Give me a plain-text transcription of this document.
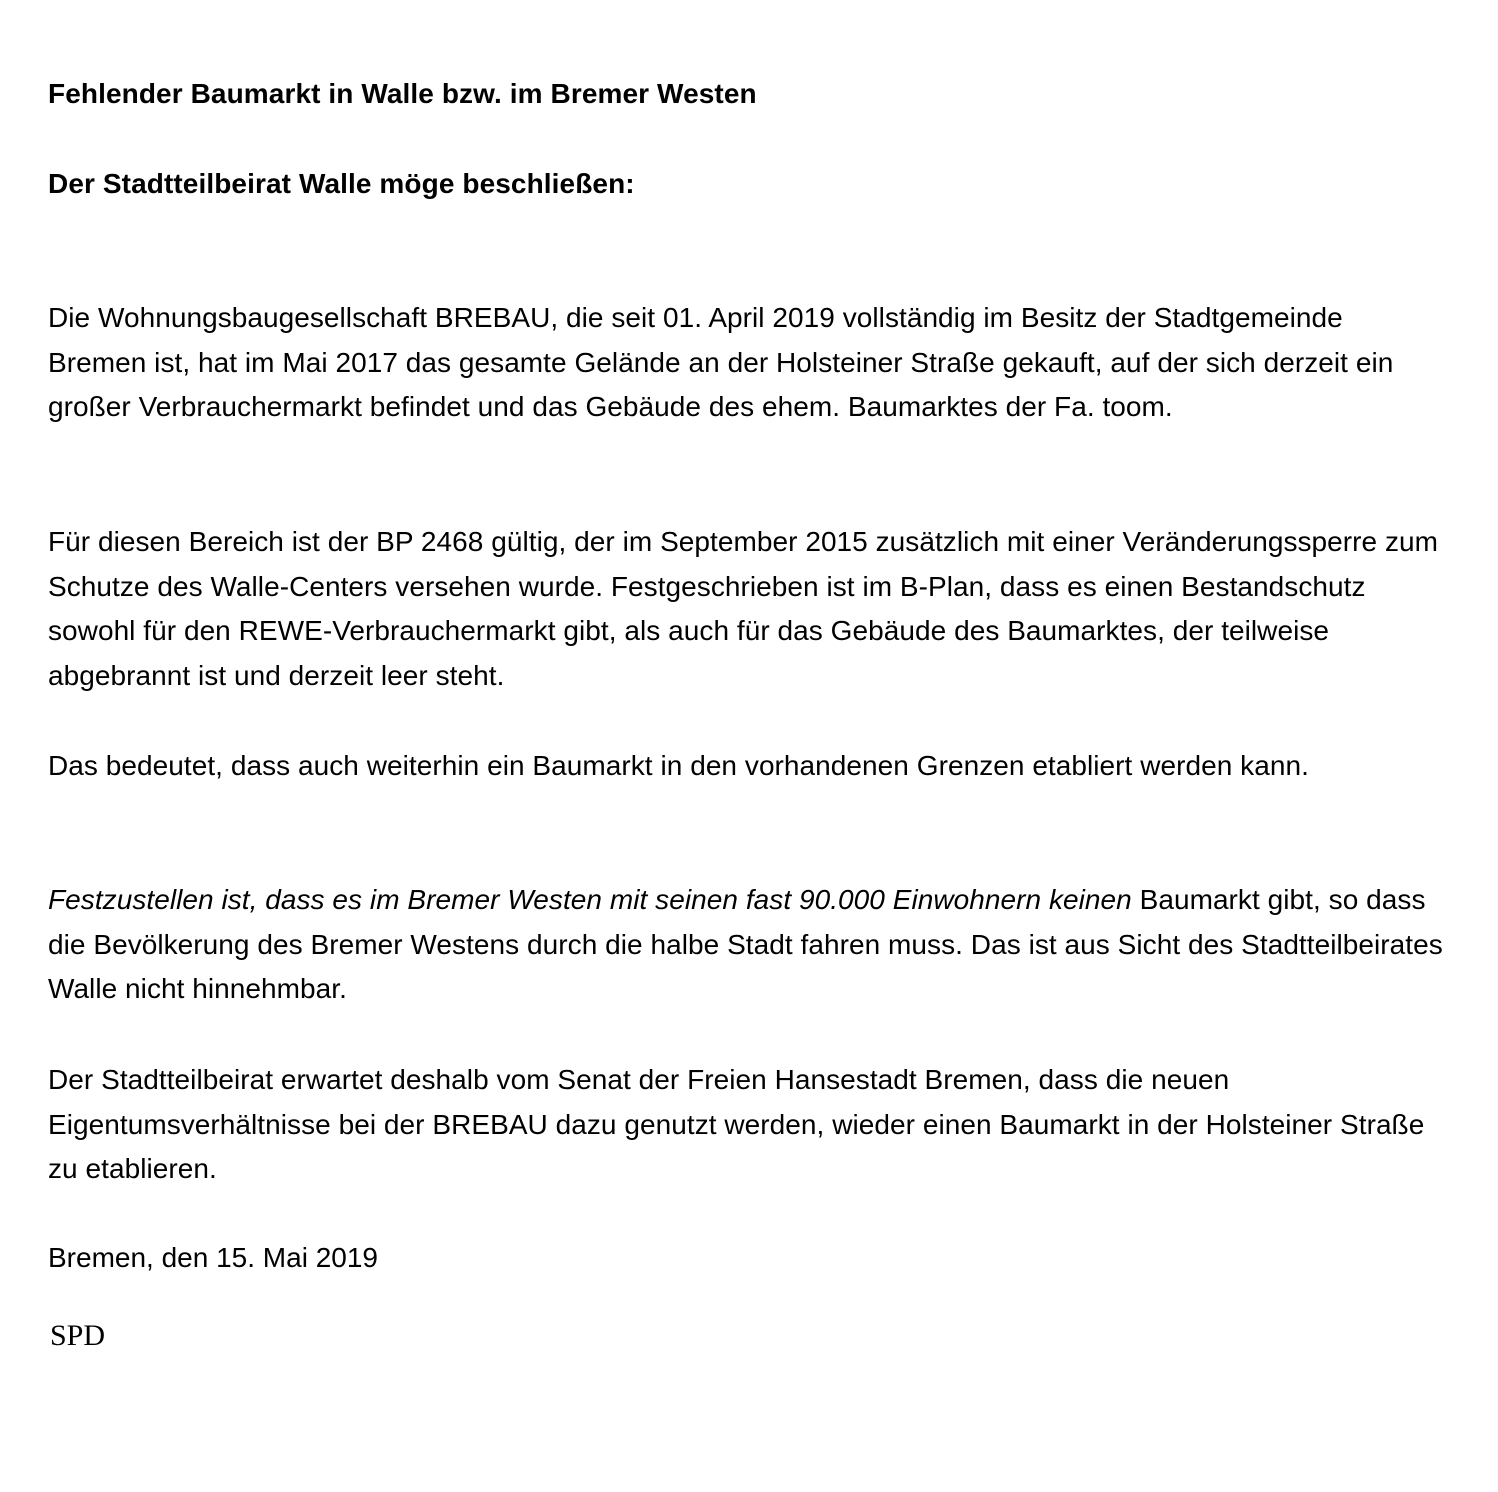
Fehlender Baumarkt in Walle bzw. im Bremer Westen
Der Stadtteilbeirat Walle möge beschließen:

Die Wohnungsbaugesellschaft BREBAU, die seit 01. April 2019 vollständig im Besitz der Stadtgemeinde Bremen ist, hat im Mai 2017 das gesamte Gelände an der Holsteiner Straße gekauft, auf der sich derzeit ein großer Verbrauchermarkt befindet und das Gebäude des ehem. Baumarktes der Fa. toom.

Für diesen Bereich ist der BP 2468 gültig, der im September 2015 zusätzlich mit einer Veränderungssperre zum Schutze des Walle-Centers versehen wurde. Festgeschrieben ist im B-Plan, dass es einen Bestandschutz sowohl für den REWE-Verbrauchermarkt gibt, als auch für das Gebäude des Baumarktes, der teilweise abgebrannt ist und derzeit leer steht.

Das bedeutet, dass auch weiterhin ein Baumarkt in den vorhandenen Grenzen etabliert werden kann.

Festzustellen ist, dass es im Bremer Westen mit seinen fast 90.000 Einwohnern keinen Baumarkt gibt, so dass die Bevölkerung des Bremer Westens durch die halbe Stadt fahren muss. Das ist aus Sicht des Stadtteilbeirates Walle nicht hinnehmbar.

Der Stadtteilbeirat erwartet deshalb vom Senat der Freien Hansestadt Bremen, dass die neuen Eigentumsverhältnisse bei der BREBAU dazu genutzt werden, wieder einen Baumarkt in der Holsteiner Straße zu etablieren.

Bremen, den 15. Mai 2019

SPD
